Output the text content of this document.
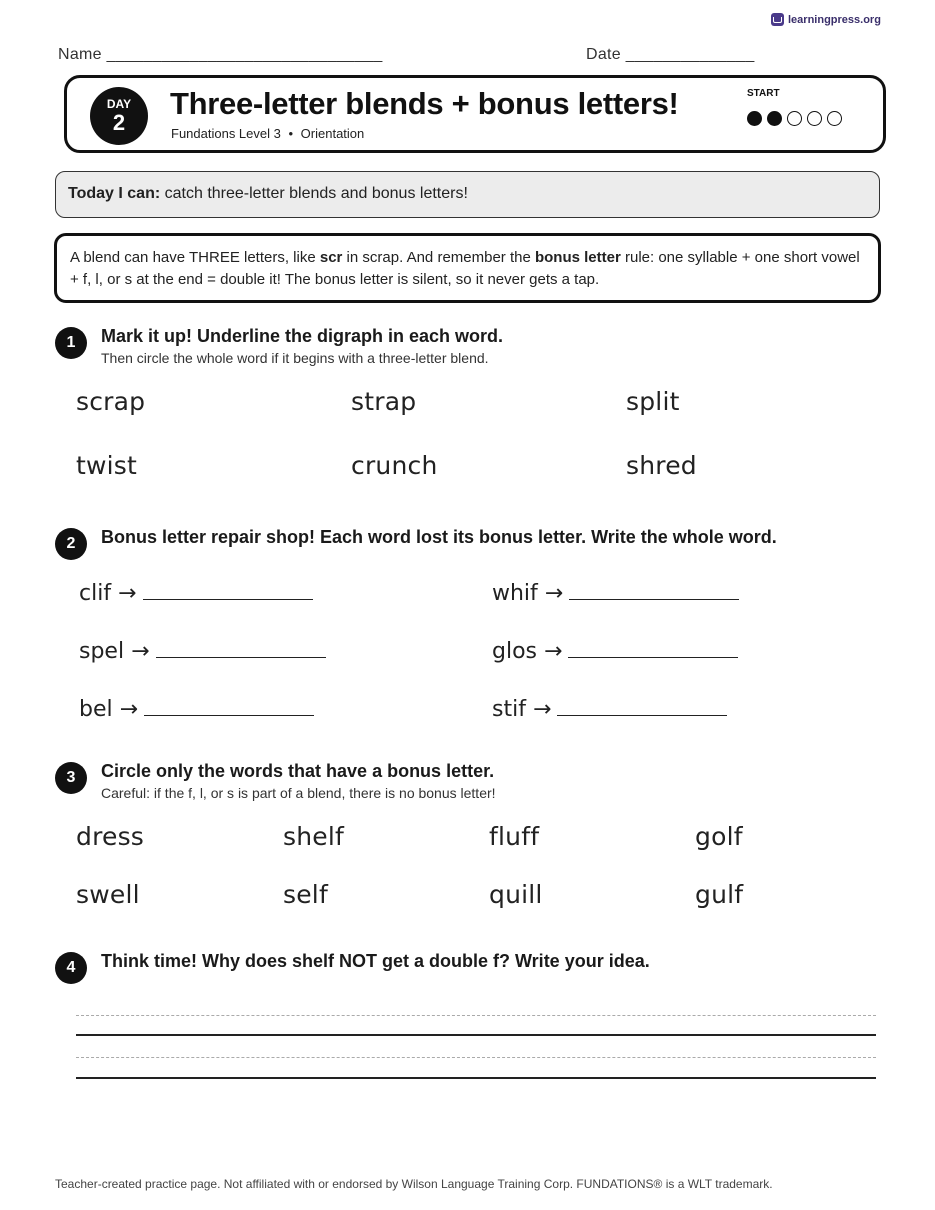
learningpress.org
Name ______________________________	Date ______________
DAY
2
Three-letter blends + bonus letters!
Fundations Level 3 • Orientation
START
Today I can: catch three-letter blends and bonus letters!
A blend can have THREE letters, like scr in scrap. And remember the bonus letter rule: one syllable + one short vowel + f, l, or s at the end = double it! The bonus letter is silent, so it never gets a tap.
1	Mark it up! Underline the digraph in each word.
Then circle the whole word if it begins with a three-letter blend.
scrap	strap	split
twist	crunch	shred
2	Bonus letter repair shop! Each word lost its bonus letter. Write the whole word.
clif →	whif →
spel →	glos →
bel →	stif →
3	Circle only the words that have a bonus letter.
Careful: if the f, l, or s is part of a blend, there is no bonus letter!
dress	shelf	fluff	golf
swell	self	quill	gulf
4	Think time! Why does shelf NOT get a double f? Write your idea.
Teacher-created practice page. Not affiliated with or endorsed by Wilson Language Training Corp. FUNDATIONS® is a WLT trademark.
